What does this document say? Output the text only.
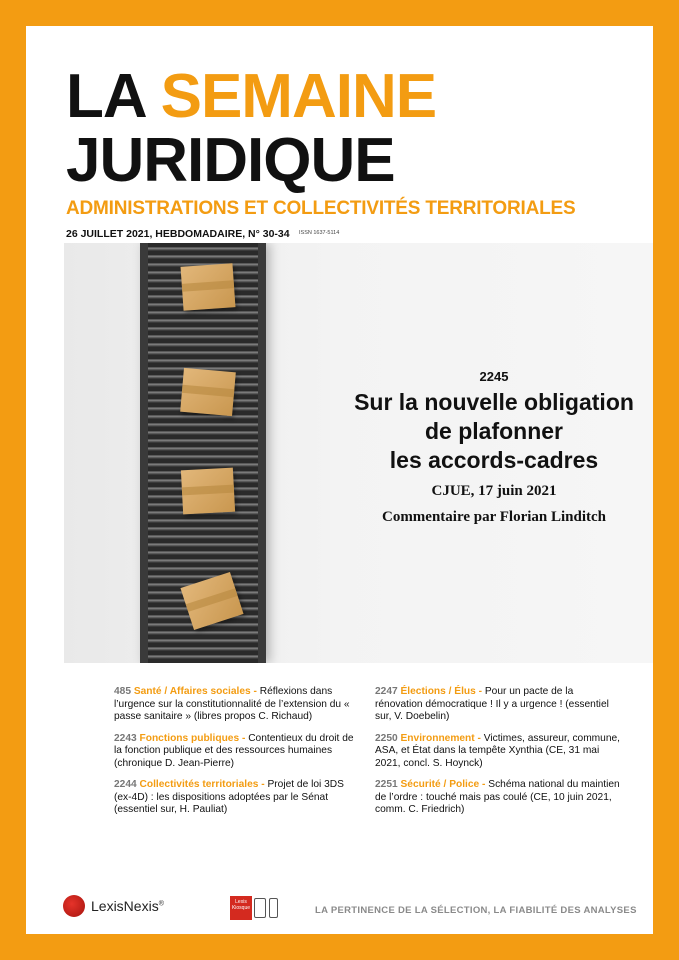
LA SEMAINE
JURIDIQUE
ADMINISTRATIONS ET COLLECTIVITÉS TERRITORIALES
26 JUILLET 2021, HEBDOMADAIRE, N° 30-34 ISSN 1637-5114
2245
Sur la nouvelle obligation
de plafonner
les accords-cadres
CJUE, 17 juin 2021
Commentaire par Florian Linditch
485 Santé / Affaires sociales - Réflexions dans l’urgence sur la constitutionnalité de l’extension du « passe sanitaire » (libres propos C. Richaud)
2243 Fonctions publiques - Contentieux du droit de la fonction publique et des ressources humaines (chronique D. Jean-Pierre)
2244 Collectivités territoriales - Projet de loi 3DS (ex-4D) : les dispositions adoptées par le Sénat (essentiel sur, H. Pauliat)
2247 Élections / Élus - Pour un pacte de la rénovation démocratique ! Il y a urgence ! (essentiel sur, V. Doebelin)
2250 Environnement - Victimes, assureur, commune, ASA, et État dans la tempête Xynthia (CE, 31 mai 2021, concl. S. Hoynck)
2251 Sécurité / Police - Schéma national du maintien de l’ordre : touché mais pas coulé (CE, 10 juin 2021, comm. C. Friedrich)
LexisNexis®	Lexis
Kiosque	LA PERTINENCE DE LA SÉLECTION, LA FIABILITÉ DES ANALYSES
